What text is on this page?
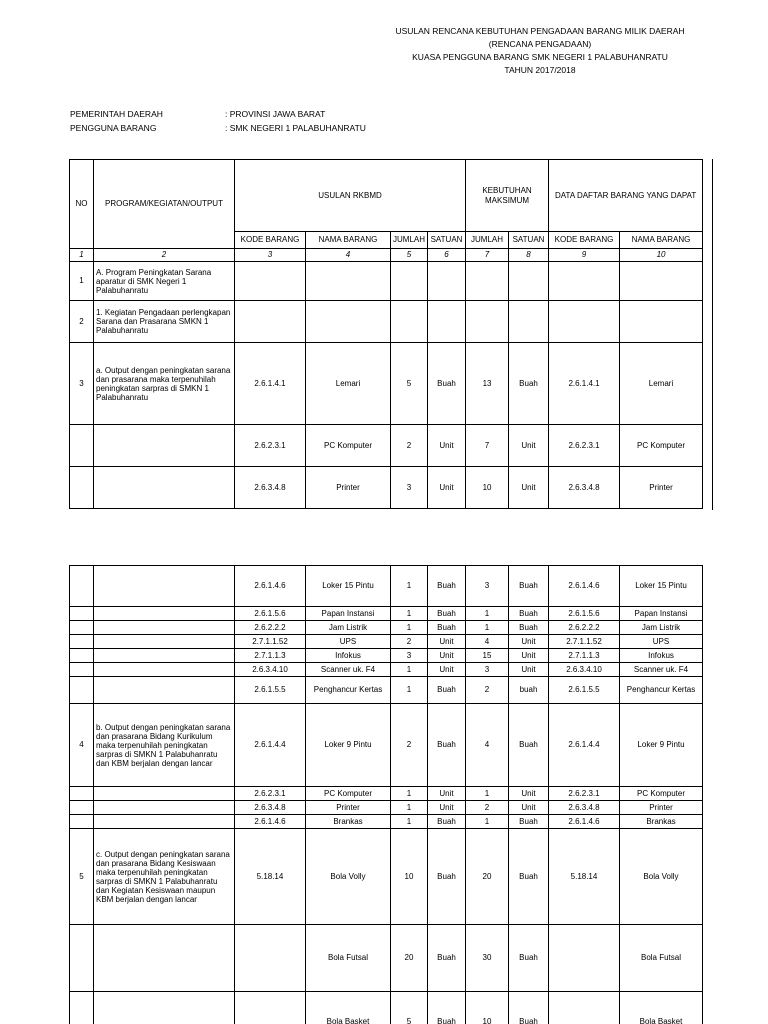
USULAN RENCANA KEBUTUHAN PENGADAAN BARANG MILIK DAERAH
(RENCANA PENGADAAN)
KUASA PENGGUNA BARANG SMK NEGERI 1 PALABUHANRATU
TAHUN 2017/2018
PEMERINTAH DAERAH	: PROVINSI JAWA BARAT
PENGGUNA BARANG	: SMK NEGERI 1 PALABUHANRATU
NO	PROGRAM/KEGIATAN/OUTPUT	USULAN RKBMD				KEBUTUHAN MAKSIMUM		DATA DAFTAR BARANG YANG DAPAT	
		KODE BARANG	NAMA BARANG	JUMLAH	SATUAN	JUMLAH	SATUAN	KODE BARANG	NAMA BARANG
1	2	3	4	5	6	7	8	9	10
1	A. Program Peningkatan Sarana aparatur di SMK Negeri 1 Palabuhanratu								
2	1. Kegiatan Pengadaan perlengkapan Sarana dan Prasarana SMKN 1 Palabuhanratu								
3	a. Output dengan peningkatan sarana dan prasarana maka terpenuhilah peningkatan sarpras di SMKN 1 Palabuhanratu	2.6.1.4.1	Lemari	5	Buah	13	Buah	2.6.1.4.1	Lemari
		2.6.2.3.1	PC Komputer	2	Unit	7	Unit	2.6.2.3.1	PC Komputer
		2.6.3.4.8	Printer	3	Unit	10	Unit	2.6.3.4.8	Printer
		2.6.1.4.6	Loker 15 Pintu	1	Buah	3	Buah	2.6.1.4.6	Loker 15 Pintu
		2.6.1.5.6	Papan Instansi	1	Buah	1	Buah	2.6.1.5.6	Papan Instansi
		2.6.2.2.2	Jam Listrik	1	Buah	1	Buah	2.6.2.2.2	Jam Listrik
		2.7.1.1.52	UPS	2	Unit	4	Unit	2.7.1.1.52	UPS
		2.7.1.1.3	Infokus	3	Unit	15	Unit	2.7.1.1.3	Infokus
		2.6.3.4.10	Scanner uk. F4	1	Unit	3	Unit	2.6.3.4.10	Scanner uk. F4
		2.6.1.5.5	Penghancur Kertas	1	Buah	2	buah	2.6.1.5.5	Penghancur Kertas
4	b. Output dengan peningkatan sarana dan prasarana Bidang Kurikulum maka terpenuhilah peningkatan sarpras di SMKN 1 Palabuhanratu dan KBM berjalan dengan lancar	2.6.1.4.4	Loker 9 Pintu	2	Buah	4	Buah	2.6.1.4.4	Loker 9 Pintu
		2.6.2.3.1	PC Komputer	1	Unit	1	Unit	2.6.2.3.1	PC Komputer
		2.6.3.4.8	Printer	1	Unit	2	Unit	2.6.3.4.8	Printer
		2.6.1.4.6	Brankas	1	Buah	1	Buah	2.6.1.4.6	Brankas
5	c. Output dengan peningkatan sarana dan prasarana Bidang Kesiswaan maka terpenuhilah peningkatan sarpras di SMKN 1 Palabuhanratu dan Kegiatan Kesiswaan maupun KBM berjalan dengan lancar	5.18.14	Bola Volly	10	Buah	20	Buah	5.18.14	Bola Volly
			Bola Futsal	20	Buah	30	Buah		Bola Futsal
			Bola Basket	5	Buah	10	Buah		Bola Basket
